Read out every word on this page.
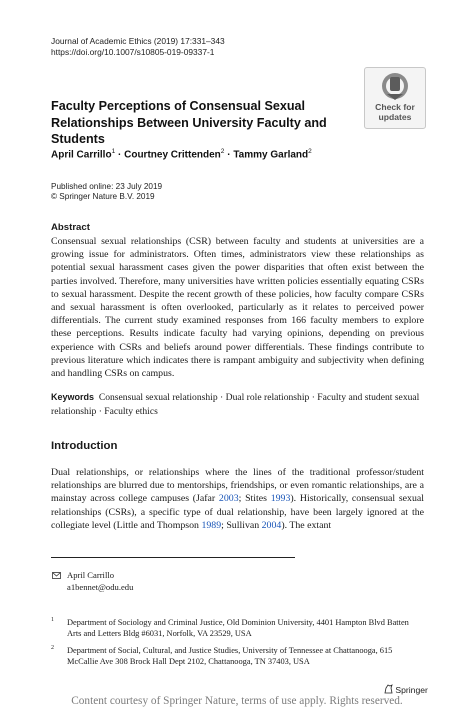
Journal of Academic Ethics (2019) 17:331–343
https://doi.org/10.1007/s10805-019-09337-1
Check for
updates
Faculty Perceptions of Consensual Sexual Relationships Between University Faculty and Students
April Carrillo$^1$ · Courtney Crittenden$^2$ · Tammy Garland$^2$
Published online: 23 July 2019
© Springer Nature B.V. 2019
Abstract
Consensual sexual relationships (CSR) between faculty and students at universities are a growing issue for administrators. Often times, administrators view these relationships as potential sexual harassment cases given the power disparities that often exist between the parties involved. Therefore, many universities have written policies essentially equating CSRs to sexual harassment. Despite the recent growth of these policies, how faculty compare CSRs and sexual harassment is often overlooked, particularly as it relates to perceived power differentials. The current study examined responses from 166 faculty members to explore these perceptions. Results indicate faculty had varying opinions, depending on previous experience with CSRs and beliefs around power differentials. These findings contribute to previous literature which indicates there is rampant ambiguity and subjectivity when defining and handling CSRs on campus.
Keywords Consensual sexual relationship · Dual role relationship · Faculty and student sexual relationship · Faculty ethics
Introduction
Dual relationships, or relationships where the lines of the traditional professor/student relationships are blurred due to mentorships, friendships, or even romantic relationships, are a mainstay across college campuses (Jafar 2003; Stites 1993). Historically, consensual sexual relationships (CSRs), a specific type of dual relationship, have been largely ignored at the collegiate level (Little and Thompson 1989; Sullivan 2004). The extant
April Carrillo
a1bennet@odu.edu
1 Department of Sociology and Criminal Justice, Old Dominion University, 4401 Hampton Blvd Batten Arts and Letters Bldg #6031, Norfolk, VA 23529, USA
2 Department of Social, Cultural, and Justice Studies, University of Tennessee at Chattanooga, 615 McCallie Ave 308 Brock Hall Dept 2102, Chattanooga, TN 37403, USA
Springer
Content courtesy of Springer Nature, terms of use apply. Rights reserved.
